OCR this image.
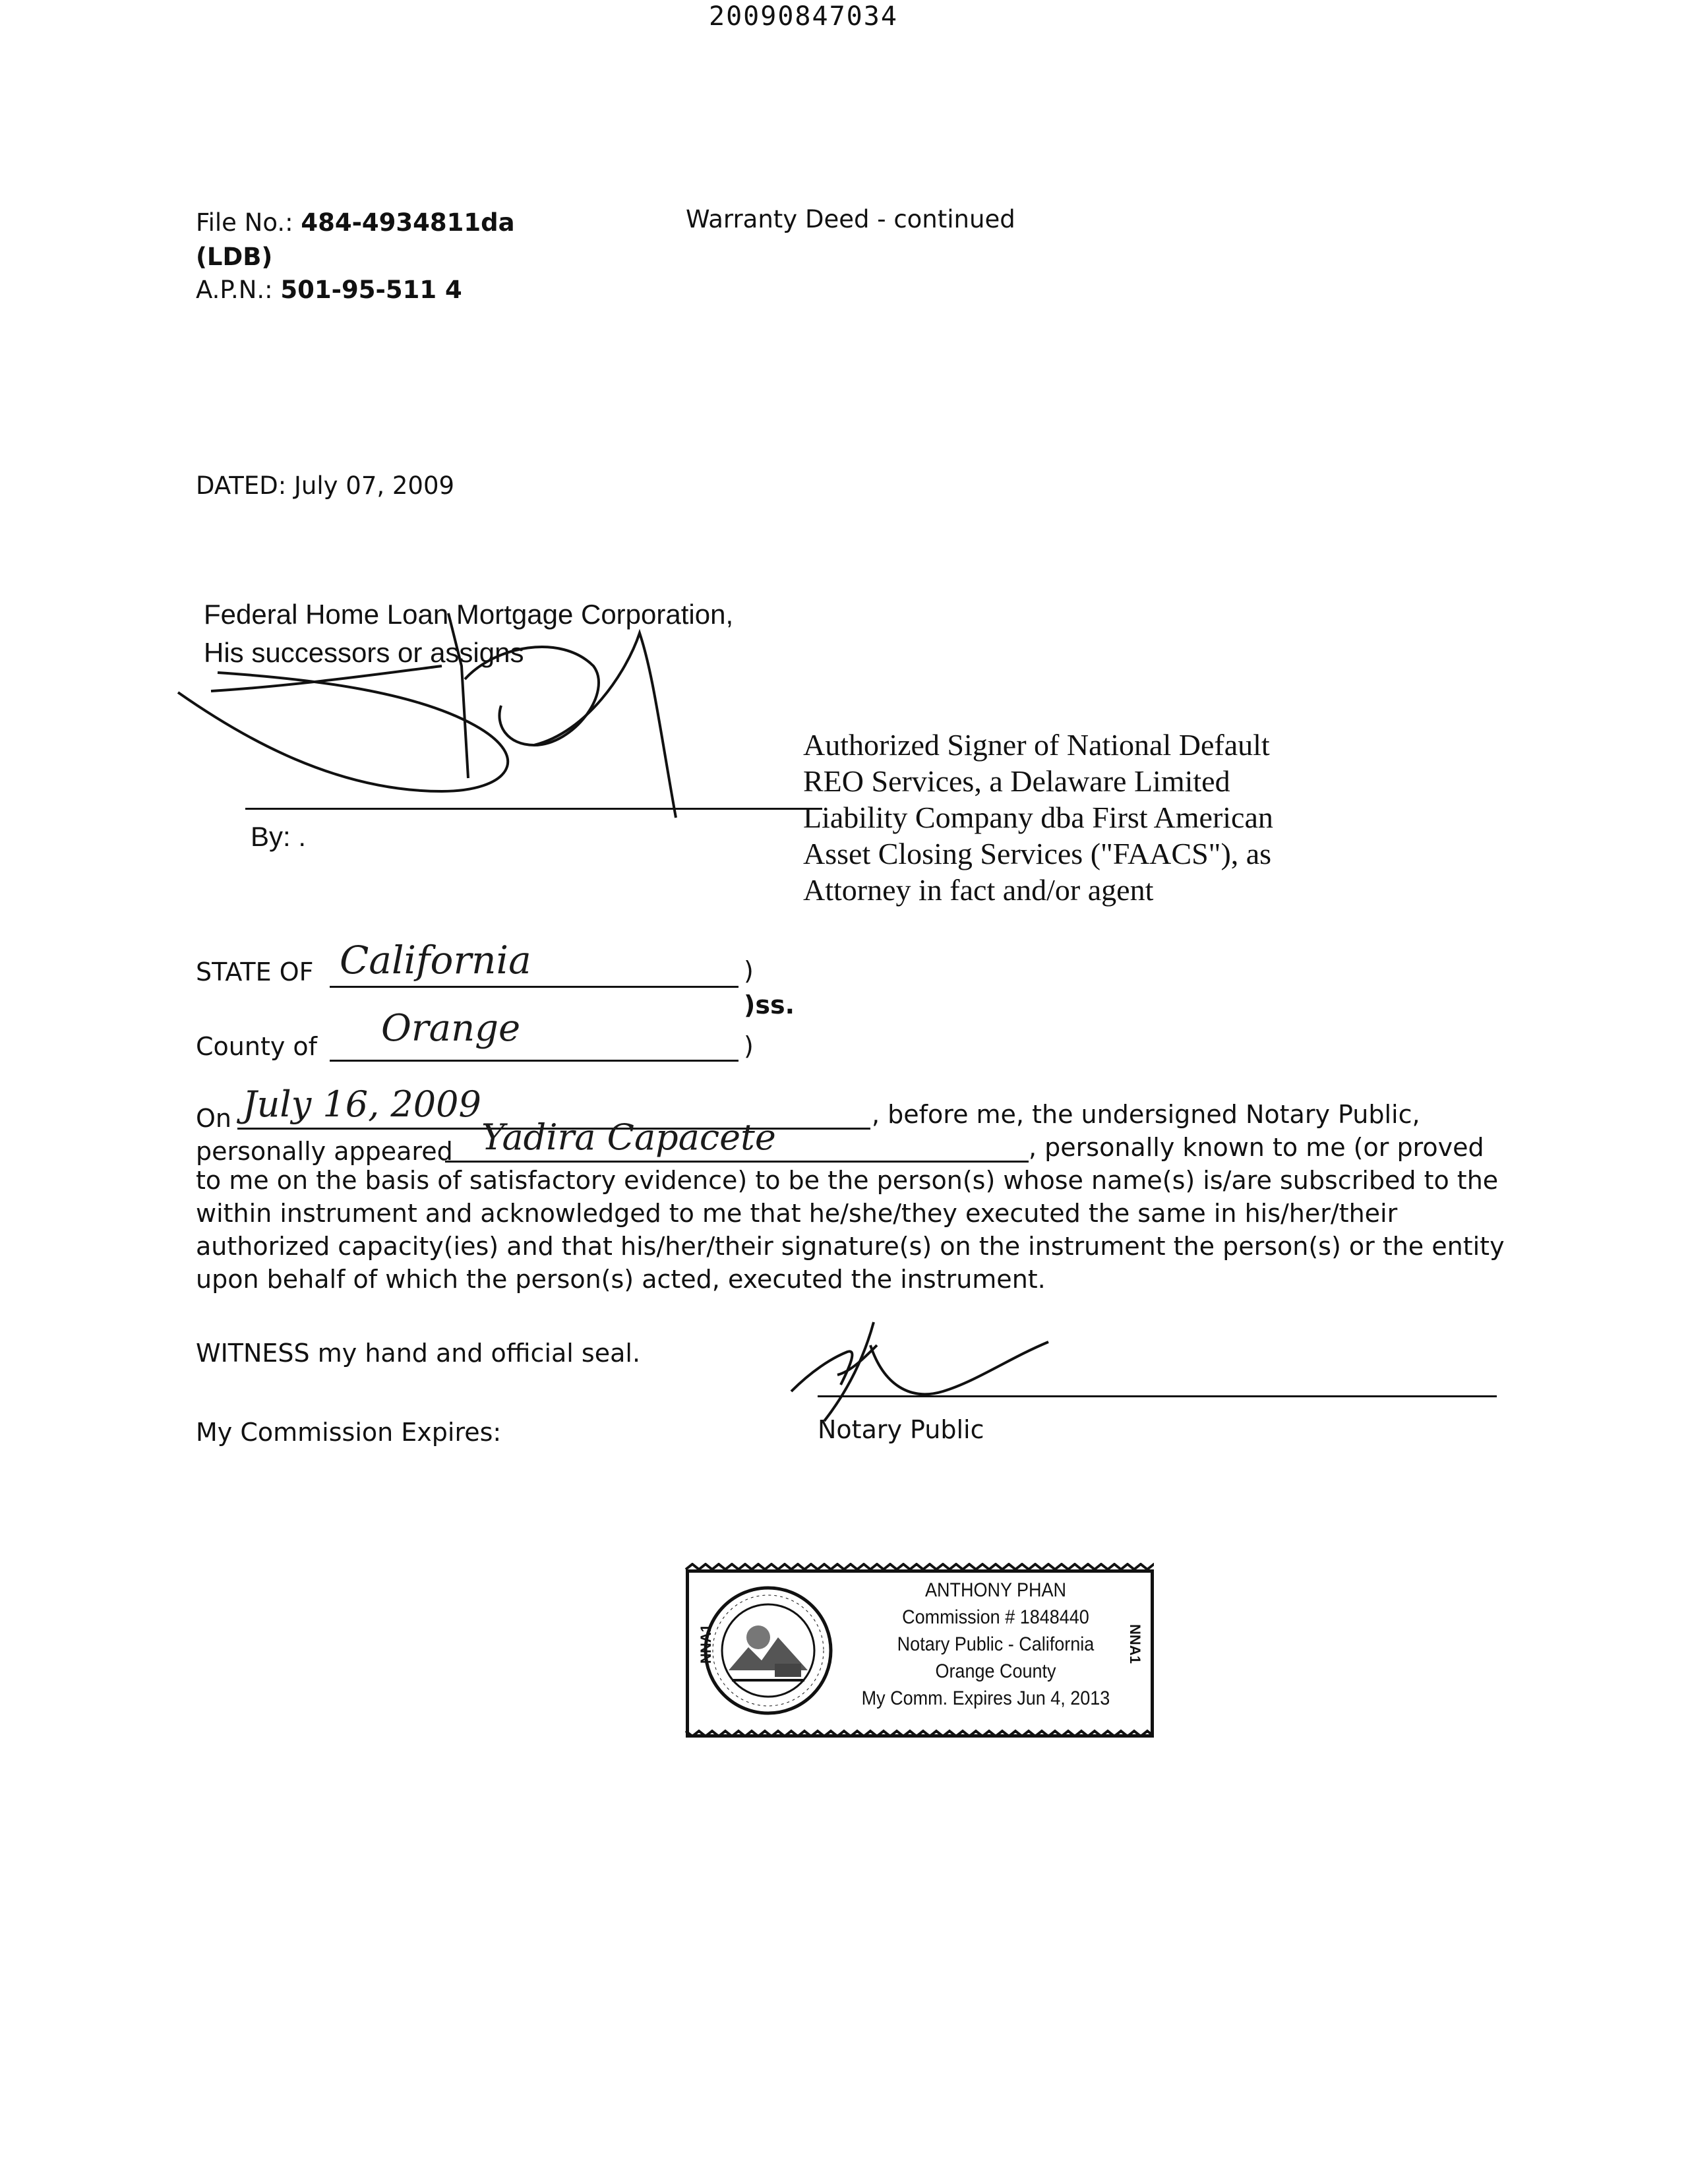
20090847034
File No.: 484-4934811da
(LDB)
A.P.N.: 501-95-511 4
Warranty Deed - continued
DATED: July 07, 2009
Federal Home Loan Mortgage Corporation,
His successors or assigns
By: .
Authorized Signer of National Default
REO Services, a Delaware Limited
Liability Company dba First American
Asset Closing Services ("FAACS"), as
Attorney in fact and/or agent
STATE OF California	)
)ss.
County of Orange	)
On July 16, 2009	, before me, the undersigned Notary Public,
personally appeared Yadira Capacete	, personally known to me (or proved
to me on the basis of satisfactory evidence) to be the person(s) whose name(s) is/are subscribed to the
within instrument and acknowledged to me that he/she/they executed the same in his/her/their
authorized capacity(ies) and that his/her/their signature(s) on the instrument the person(s) or the entity
upon behalf of which the person(s) acted, executed the instrument.
WITNESS my hand and official seal.
My Commission Expires:	Notary Public
ANTHONY PHAN
Commission # 1848440
Notary Public - California
Orange County
My Comm. Expires Jun 4, 2013
NNA1	NNA1
